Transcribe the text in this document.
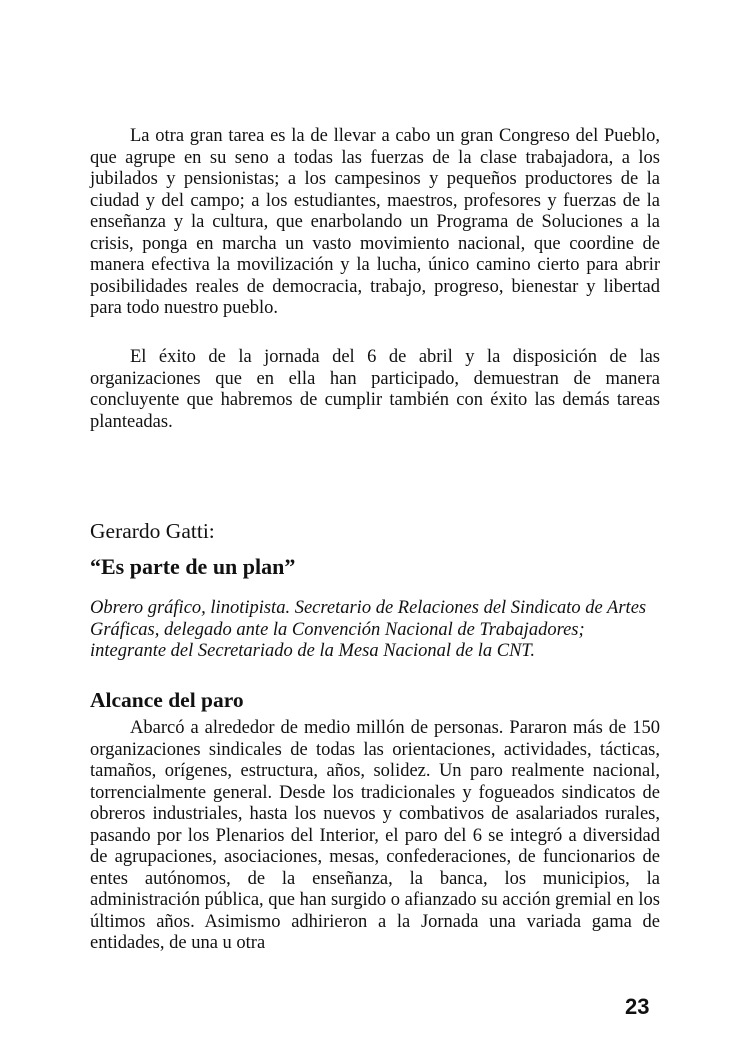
La otra gran tarea es la de llevar a cabo un gran Congreso del Pueblo, que agrupe en su seno a todas las fuerzas de la clase trabajadora, a los jubilados y pensionistas; a los campesinos y pequeños productores de la ciudad y del campo; a los estudiantes, maestros, profesores y fuerzas de la enseñanza y la cultura, que enarbolando un Programa de Soluciones a la crisis, ponga en marcha un vasto movimiento nacional, que coordine de manera efectiva la movilización y la lucha, único camino cierto para abrir posibilidades reales de democracia, trabajo, progreso, bienestar y libertad para todo nuestro pueblo.

El éxito de la jornada del 6 de abril y la disposición de las organizaciones que en ella han participado, demuestran de manera concluyente que habremos de cumplir también con éxito las demás tareas planteadas.

Gerardo Gatti:
“Es parte de un plan”

Obrero gráfico, linotipista. Secretario de Relaciones del Sindicato de Artes Gráficas, delegado ante la Convención Nacional de Trabajadores; integrante del Secretariado de la Mesa Nacional de la CNT.

Alcance del paro

Abarcó a alrededor de medio millón de personas. Pararon más de 150 organizaciones sindicales de todas las orientaciones, actividades, tácticas, tamaños, orígenes, estructura, años, solidez. Un paro realmente nacional, torrencialmente general. Desde los tradicionales y fogueados sindicatos de obreros industriales, hasta los nuevos y combativos de asalariados rurales, pasando por los Plenarios del Interior, el paro del 6 se integró a diversidad de agrupaciones, asociaciones, mesas, confederaciones, de funcionarios de entes autónomos, de la enseñanza, la banca, los municipios, la administración pública, que han surgido o afianzado su acción gremial en los últimos años. Asimismo adhirieron a la Jornada una variada gama de entidades, de una u otra

23
